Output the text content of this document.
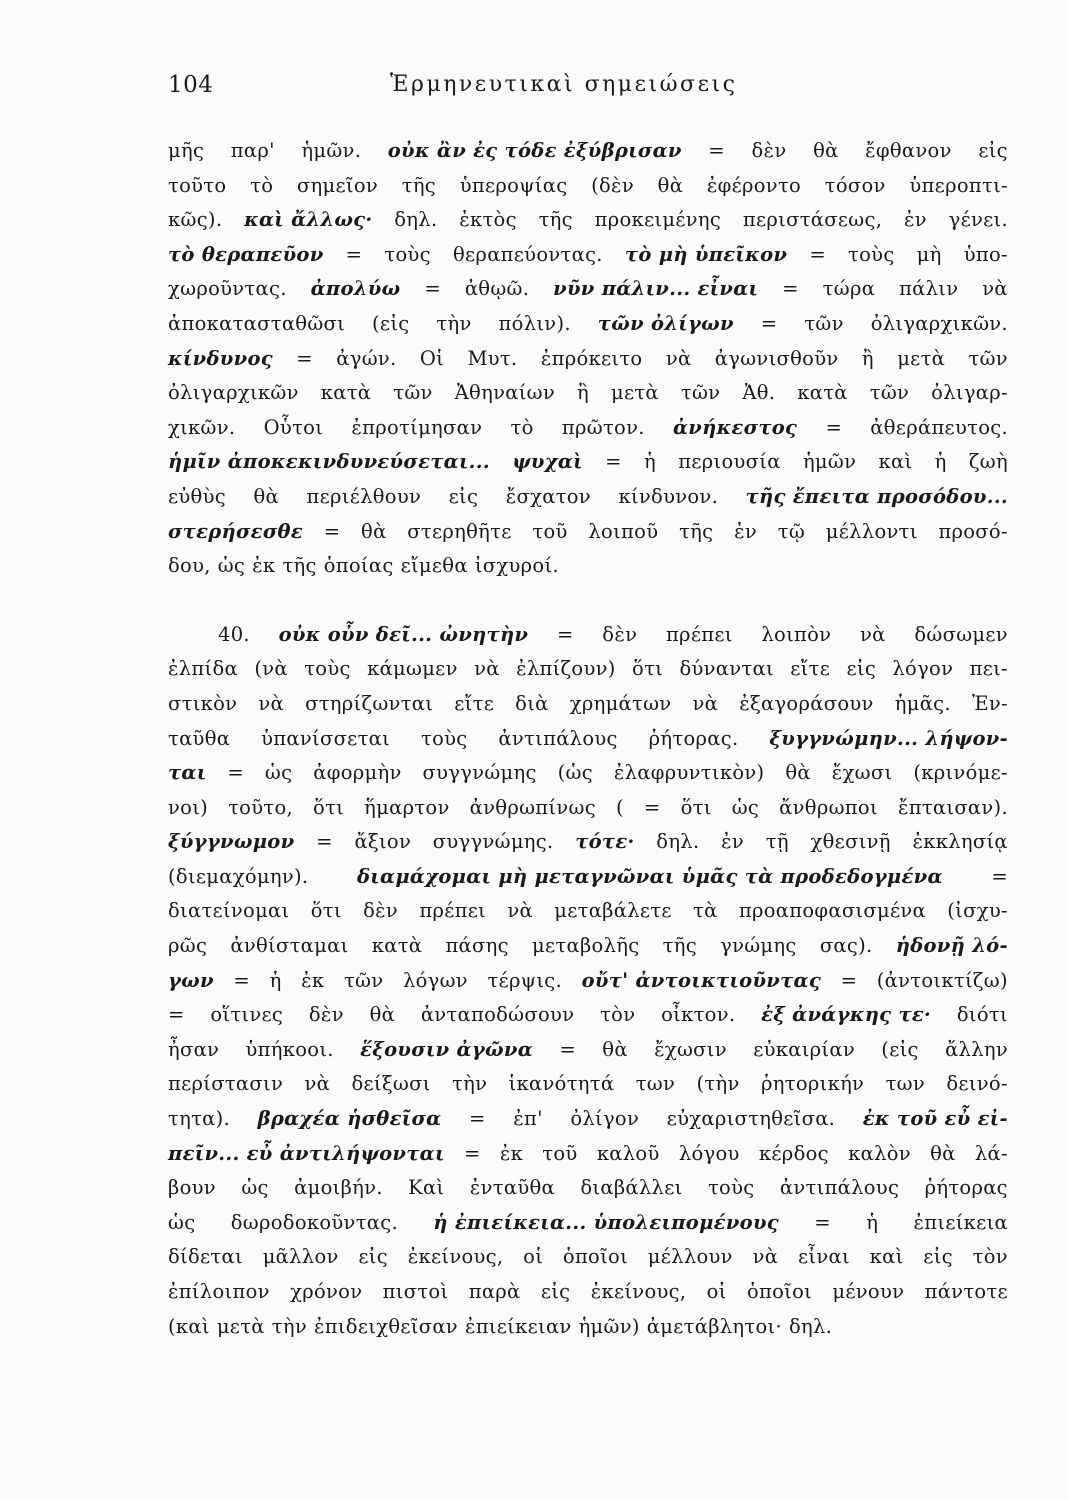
104	Ἑρμηνευτικαὶ σημειώσεις
μῆς παρ' ἡμῶν. οὐκ ἂν ἐς τόδε ἐξύβρισαν = δὲν θὰ ἔφθανον εἰς
τοῦτο τὸ σημεῖον τῆς ὑπεροψίας (δὲν θὰ ἐφέροντο τόσον ὑπεροπτι-
κῶς). καὶ ἄλλως· δηλ. ἐκτὸς τῆς προκειμένης περιστάσεως, ἐν γένει.
τὸ θεραπεῦον = τοὺς θεραπεύοντας. τὸ μὴ ὑπεῖκον = τοὺς μὴ ὑπο-
χωροῦντας. ἀπολύω = ἀθῳῶ. νῦν πάλιν... εἶναι = τώρα πάλιν νὰ
ἀποκατασταθῶσι (εἰς τὴν πόλιν). τῶν ὀλίγων = τῶν ὀλιγαρχικῶν.
κίνδυνος = ἀγών. Οἱ Μυτ. ἐπρόκειτο νὰ ἀγωνισθοῦν ἢ μετὰ τῶν
ὀλιγαρχικῶν κατὰ τῶν Ἀθηναίων ἢ μετὰ τῶν Ἀθ. κατὰ τῶν ὀλιγαρ-
χικῶν. Οὗτοι ἐπροτίμησαν τὸ πρῶτον. ἀνήκεστος = ἀθεράπευτος.
ἡμῖν ἀποκεκινδυνεύσεται... ψυχαὶ = ἡ περιουσία ἡμῶν καὶ ἡ ζωὴ
εὐθὺς θὰ περιέλθουν εἰς ἔσχατον κίνδυνον. τῆς ἔπειτα προσόδου...
στερήσεσθε = θὰ στερηθῆτε τοῦ λοιποῦ τῆς ἐν τῷ μέλλοντι προσό-
δου, ὡς ἐκ τῆς ὁποίας εἴμεθα ἰσχυροί.
40. οὐκ οὖν δεῖ... ὠνητὴν = δὲν πρέπει λοιπὸν νὰ δώσωμεν
ἐλπίδα (νὰ τοὺς κάμωμεν νὰ ἐλπίζουν) ὅτι δύνανται εἴτε εἰς λόγον πει-
στικὸν νὰ στηρίζωνται εἴτε διὰ χρημάτων νὰ ἐξαγοράσουν ἡμᾶς. Ἐν-
ταῦθα ὑπανίσσεται τοὺς ἀντιπάλους ῥήτορας. ξυγγνώμην... λήψον-
ται = ὡς ἀφορμὴν συγγνώμης (ὡς ἐλαφρυντικὸν) θὰ ἔχωσι (κρινόμε-
νοι) τοῦτο, ὅτι ἥμαρτον ἀνθρωπίνως ( = ὅτι ὡς ἄνθρωποι ἔπταισαν).
ξύγγνωμον = ἄξιον συγγνώμης. τότε· δηλ. ἐν τῇ χθεσινῇ ἐκκλησίᾳ
(διεμαχόμην). διαμάχομαι μὴ μεταγνῶναι ὑμᾶς τὰ προδεδογμένα =
διατείνομαι ὅτι δὲν πρέπει νὰ μεταβάλετε τὰ προαποφασισμένα (ἰσχυ-
ρῶς ἀνθίσταμαι κατὰ πάσης μεταβολῆς τῆς γνώμης σας). ἡδονῇ λό-
γων = ἡ ἐκ τῶν λόγων τέρψις. οὔτ' ἀντοικτιοῦντας = (ἀντοικτίζω)
= οἵτινες δὲν θὰ ἀνταποδώσουν τὸν οἶκτον. ἐξ ἀνάγκης τε· διότι
ἦσαν ὑπήκοοι. ἕξουσιν ἀγῶνα = θὰ ἔχωσιν εὐκαιρίαν (εἰς ἄλλην
περίστασιν νὰ δείξωσι τὴν ἱκανότητά των (τὴν ῥητορικήν των δεινό-
τητα). βραχέα ἡσθεῖσα = ἐπ' ὀλίγον εὐχαριστηθεῖσα. ἐκ τοῦ εὖ εἰ-
πεῖν... εὖ ἀντιλήψονται = ἐκ τοῦ καλοῦ λόγου κέρδος καλὸν θὰ λά-
βουν ὡς ἀμοιβήν. Καὶ ἐνταῦθα διαβάλλει τοὺς ἀντιπάλους ῥήτορας
ὡς δωροδοκοῦντας. ἡ ἐπιείκεια... ὑπολειπομένους = ἡ ἐπιείκεια
δίδεται μᾶλλον εἰς ἐκείνους, οἱ ὁποῖοι μέλλουν νὰ εἶναι καὶ εἰς τὸν
ἐπίλοιπον χρόνον πιστοὶ παρὰ εἰς ἐκείνους, οἱ ὁποῖοι μένουν πάντοτε
(καὶ μετὰ τὴν ἐπιδειχθεῖσαν ἐπιείκειαν ἡμῶν) ἀμετάβλητοι· δηλ.
